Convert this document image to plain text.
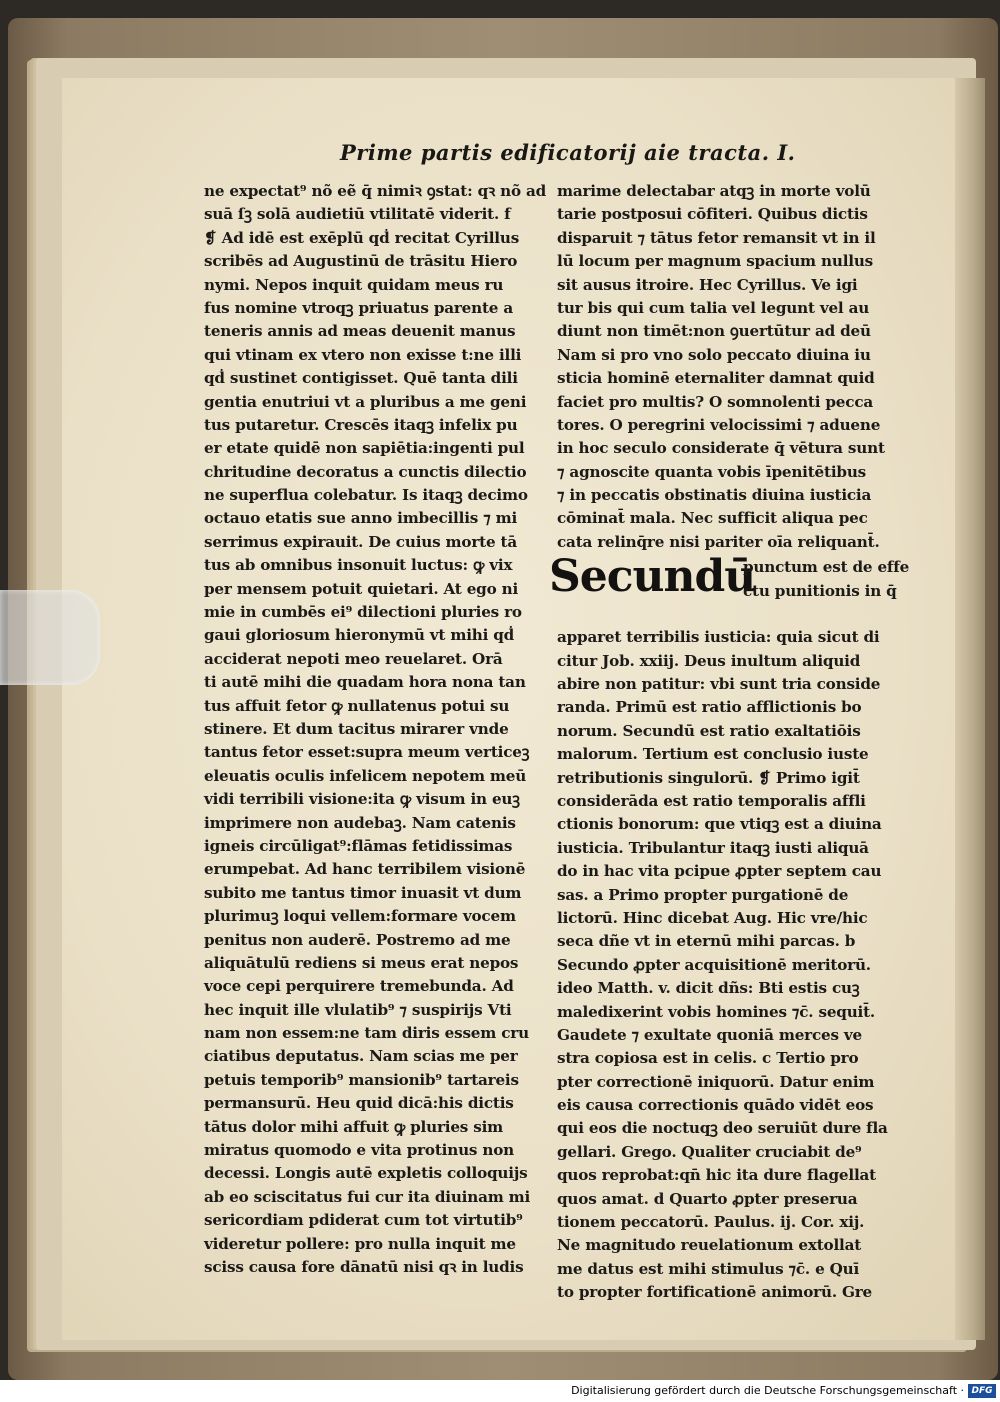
Prime partis edificatorij aie tracta. I.
ne expectat⁹ nõ eẽ q̄ nimiꝛ ꝯstat: qꝛ nõ ad
suā ſꝫ solā audietiū vtilitatē viderit. f
❡ Ad idē est exēplū qḋ recitat Cyrillus
scribēs ad Augustinū de trāsitu Hiero
nymi. Nepos inquit quidam meus ru
fus nomine vtroqꝫ priuatus parente a
teneris annis ad meas deuenit manus
qui vtinam ex vtero non exisse t:ne illi
qḋ sustinet contigisset. Quē tanta dili
gentia enutriui vt a pluribus a me geni
tus putaretur. Crescēs itaqꝫ infelix pu
er etate quidē non sapiētia:ingenti pul
chritudine decoratus a cunctis dilectio
ne superflua colebatur. Is itaqꝫ decimo
octauo etatis sue anno imbecillis ⁊ mi
serrimus expirauit. De cuius morte tā
tus ab omnibus insonuit luctus: ꝙ vix
per mensem potuit quietari. At ego ni
mie in cumbēs ei⁹ dilectioni pluries ro
gaui gloriosum hieronymū vt mihi qḋ
acciderat nepoti meo reuelaret. Orā
ti autē mihi die quadam hora nona tan
tus affuit fetor ꝙ nullatenus potui su
stinere. Et dum tacitus mirarer vnde
tantus fetor esset:supra meum verticeꝫ
eleuatis oculis infelicem nepotem meū
vidi terribili visione:ita ꝙ visum in euꝫ
imprimere non audebaꝫ. Nam catenis
igneis circūligat⁹:flāmas fetidissimas
erumpebat. Ad hanc terribilem visionē
subito me tantus timor inuasit vt dum
plurimuꝫ loqui vellem:formare vocem
penitus non auderē. Postremo ad me
aliquātulū rediens si meus erat nepos
voce cepi perquirere tremebunda. Ad
hec inquit ille vlulatib⁹ ⁊ suspirijs Vti
nam non essem:ne tam diris essem cru
ciatibus deputatus. Nam scias me per
petuis temporib⁹ mansionib⁹ tartareis
permansurū. Heu quid dicā:his dictis
tātus dolor mihi affuit ꝙ pluries sim
miratus quomodo e vita protinus non
decessi. Longis autē expletis colloquijs
ab eo sciscitatus fui cur ita diuinam mi
sericordiam pdiderat cum tot virtutib⁹
videretur pollere: pro nulla inquit me
sciss causa fore dānatū nisi qꝛ in ludis
marime delectabar atqꝫ in morte volū
tarie postposui cōfiteri. Quibus dictis
disparuit ⁊ tātus fetor remansit vt in il
lū locum per magnum spacium nullus
sit ausus itroire. Hec Cyrillus. Ve igi
tur bis qui cum talia vel legunt vel au
diunt non timēt:non ꝯuertūtur ad deū
Nam si pro vno solo peccato diuina iu
sticia hominē eternaliter damnat quid
faciet pro multis? O somnolenti pecca
tores. O peregrini velocissimi ⁊ aduene
in hoc seculo considerate q̄ vētura sunt
⁊ agnoscite quanta vobis īpenitētibus
⁊ in peccatis obstinatis diuina iusticia
cōminat̄ mala. Nec sufficit aliqua pec
cata relinq̄re nisi pariter oīa reliquant̄.
Secundū
punctum est de effe
ctu punitionis in q̄
apparet terribilis iusticia: quia sicut di
citur Job. xxiij. Deus inultum aliquid
abire non patitur: vbi sunt tria conside
randa. Primū est ratio afflictionis bo
norum. Secundū est ratio exaltatiōis
malorum. Tertium est conclusio iuste
retributionis singulorū. ❡ Primo igit̄
considerāda est ratio temporalis affli
ctionis bonorum: que vtiqꝫ est a diuina
iusticia. Tribulantur itaqꝫ iusti aliquā
do in hac vita pcipue ꝓpter septem cau
sas. a Primo propter purgationē de
lictorū. Hinc dicebat Aug. Hic vre/hic
seca dñe vt in eternū mihi parcas. b
Secundo ꝓpter acquisitionē meritorū.
ideo Matth. v. dicit dñs: Bti estis cuꝫ
maledixerint vobis homines ⁊c̄. sequit̄.
Gaudete ⁊ exultate quoniā merces ve
stra copiosa est in celis. c Tertio pro
pter correctionē iniquorū. Datur enim
eis causa correctionis quādo vidēt eos
qui eos die noctuqꝫ deo seruiūt dure fla
gellari. Grego. Qualiter cruciabit de⁹
quos reprobat:qn̄ hic ita dure flagellat
quos amat. d Quarto ꝓpter preserua
tionem peccatorū. Paulus. ij. Cor. xij.
Ne magnitudo reuelationum extollat
me datus est mihi stimulus ⁊c̄. e Quī
to propter fortificationē animorū. Gre
Digitalisierung gefördert durch die Deutsche Forschungsgemeinschaft · DFG
